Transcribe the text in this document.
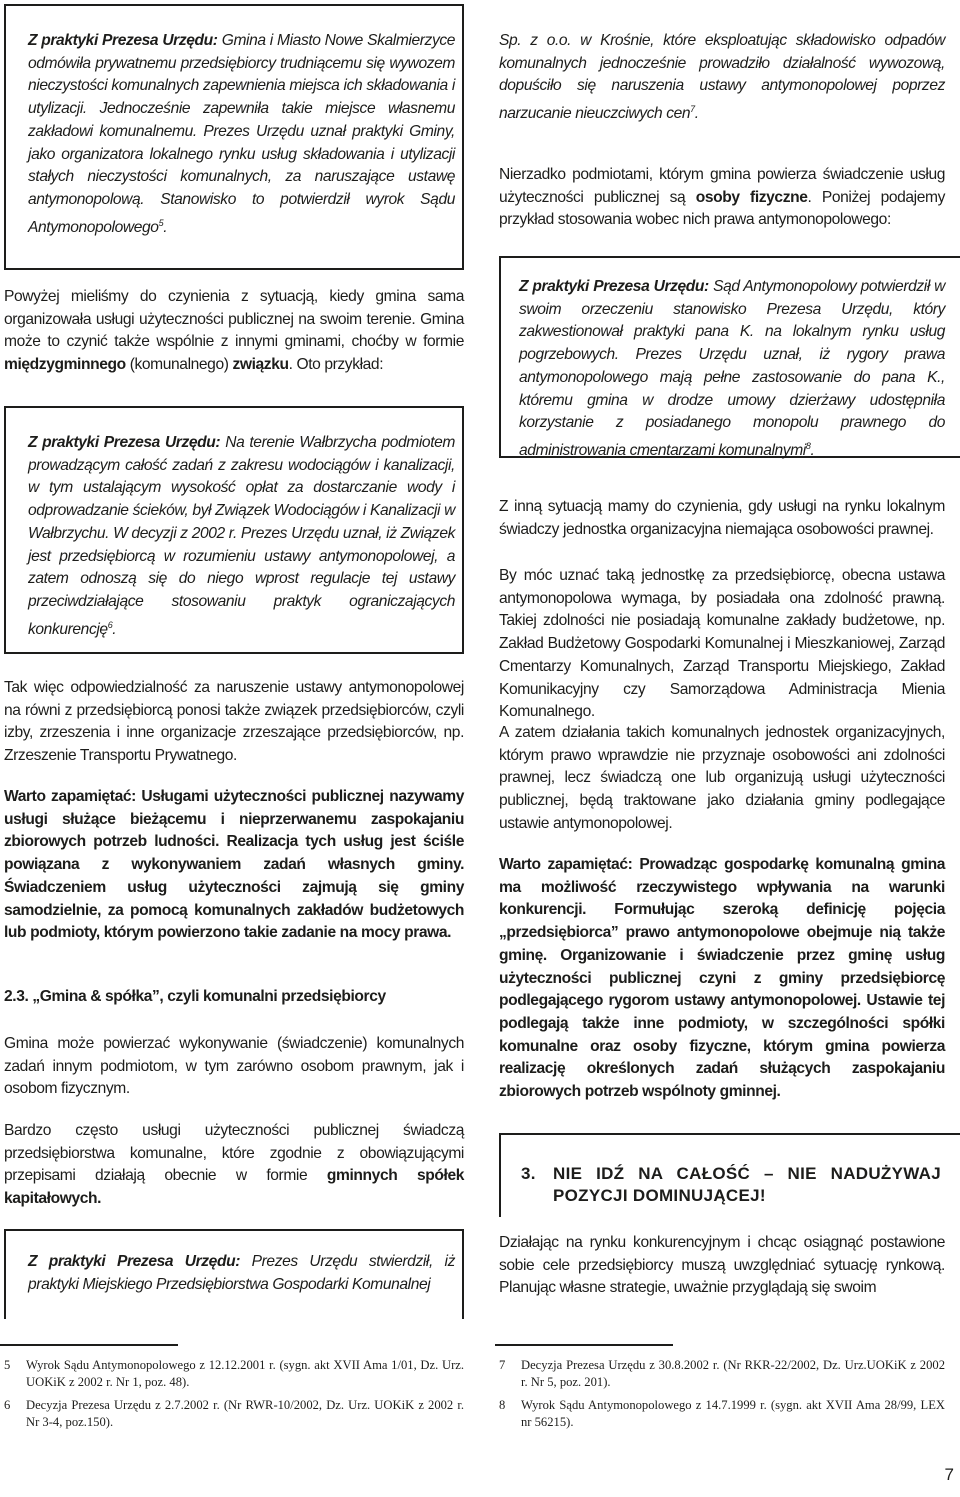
Z praktyki Prezesa Urzędu: Gmina i Miasto Nowe Skalmierzyce odmówiła prywatnemu przedsiębiorcy trudniącemu się wywozem nieczystości komunalnych zapewnienia miejsca ich składowania i utylizacji. Jednocześnie zapewniła takie miejsce własnemu zakładowi komunalnemu. Prezes Urzędu uznał praktyki Gminy, jako organizatora lokalnego rynku usług składowania i utylizacji stałych nieczystości komunalnych, za naruszające ustawę antymonopolową. Stanowisko to potwierdził wyrok Sądu Antymonopolowego$^5$.

Powyżej mieliśmy do czynienia z sytuacją, kiedy gmina sama organizowała usługi użyteczności publicznej na swoim terenie. Gmina może to czynić także wspólnie z innymi gminami, choćby w formie międzygminnego (komunalnego) związku. Oto przykład:

Z praktyki Prezesa Urzędu: Na terenie Wałbrzycha podmiotem prowadzącym całość zadań z zakresu wodociągów i kanalizacji, w tym ustalającym wysokość opłat za dostarczanie wody i odprowadzanie ścieków, był Związek Wodociągów i Kanalizacji w Wałbrzychu. W decyzji z 2002 r. Prezes Urzędu uznał, iż Związek jest przedsiębiorcą w rozumieniu ustawy antymonopolowej, a zatem odnoszą się do niego wprost regulacje tej ustawy przeciwdziałające stosowaniu praktyk ograniczających konkurencję$^6$.

Tak więc odpowiedzialność za naruszenie ustawy antymonopolowej na równi z przedsiębiorcą ponosi także związek przedsiębiorców, czyli izby, zrzeszenia i inne organizacje zrzeszające przedsiębiorców, np. Zrzeszenie Transportu Prywatnego.

Warto zapamiętać: Usługami użyteczności publicznej nazywamy usługi służące bieżącemu i nieprzerwanemu zaspokajaniu zbiorowych potrzeb ludności. Realizacja tych usług jest ściśle powiązana z wykonywaniem zadań własnych gminy. Świadczeniem usług użyteczności zajmują się gminy samodzielnie, za pomocą komunalnych zakładów budżetowych lub podmioty, którym powierzono takie zadanie na mocy prawa.

2.3. „Gmina & spółka”, czyli komunalni przedsiębiorcy

Gmina może powierzać wykonywanie (świadczenie) komunalnych zadań innym podmiotom, w tym zarówno osobom prawnym, jak i osobom fizycznym.

Bardzo często usługi użyteczności publicznej świadczą przedsiębiorstwa komunalne, które zgodnie z obowiązującymi przepisami działają obecnie w formie gminnych spółek kapitałowych.

Z praktyki Prezesa Urzędu: Prezes Urzędu stwierdził, iż praktyki Miejskiego Przedsiębiorstwa Gospodarki Komunalnej

5 Wyrok Sądu Antymonopolowego z 12.12.2001 r. (sygn. akt XVII Ama 1/01, Dz. Urz. UOKiK z 2002 r. Nr 1, poz. 48).
6 Decyzja Prezesa Urzędu z 2.7.2002 r. (Nr RWR-10/2002, Dz. Urz. UOKiK z 2002 r. Nr 3-4, poz.150).

Sp. z o.o. w Krośnie, które eksploatując składowisko odpadów komunalnych jednocześnie prowadziło działalność wywozową, dopuściło się naruszenia ustawy antymonopolowej poprzez narzucanie nieuczciwych cen$^7$.

Nierzadko podmiotami, którym gmina powierza świadczenie usług użyteczności publicznej są osoby fizyczne. Poniżej podajemy przykład stosowania wobec nich prawa antymonopolowego:

Z praktyki Prezesa Urzędu: Sąd Antymonopolowy potwierdził w swoim orzeczeniu stanowisko Prezesa Urzędu, który zakwestionował praktyki pana K. na lokalnym rynku usług pogrzebowych. Prezes Urzędu uznał, iż rygory prawa antymonopolowego mają pełne zastosowanie do pana K., któremu gmina w drodze umowy dzierżawy udostępniła korzystanie z posiadanego monopolu prawnego do administrowania cmentarzami komunalnymi$^8$.

Z inną sytuacją mamy do czynienia, gdy usługi na rynku lokalnym świadczy jednostka organizacyjna niemająca osobowości prawnej.

By móc uznać taką jednostkę za przedsiębiorcę, obecna ustawa antymonopolowa wymaga, by posiadała ona zdolność prawną. Takiej zdolności nie posiadają komunalne zakłady budżetowe, np. Zakład Budżetowy Gospodarki Komunalnej i Mieszkaniowej, Zarząd Cmentarzy Komunalnych, Zarząd Transportu Miejskiego, Zakład Komunikacyjny czy Samorządowa Administracja Mienia Komunalnego.

A zatem działania takich komunalnych jednostek organizacyjnych, którym prawo wprawdzie nie przyznaje osobowości ani zdolności prawnej, lecz świadczą one lub organizują usługi użyteczności publicznej, będą traktowane jako działania gminy podlegające ustawie antymonopolowej.

Warto zapamiętać: Prowadząc gospodarkę komunalną gmina ma możliwość rzeczywistego wpływania na warunki konkurencji. Formułując szeroką definicję pojęcia „przedsiębiorca” prawo antymonopolowe obejmuje nią także gminę. Organizowanie i świadczenie przez gminę usług użyteczności publicznej czyni z gminy przedsiębiorcę podlegającego rygorom ustawy antymonopolowej. Ustawie tej podlegają także inne podmioty, w szczególności spółki komunalne oraz osoby fizyczne, którym gmina powierza realizację określonych zadań służących zaspokajaniu zbiorowych potrzeb wspólnoty gminnej.

3.	NIE IDŹ NA CAŁOŚĆ – NIE NADUŻYWAJ POZYCJI DOMINUJĄCEJ!

Działając na rynku konkurencyjnym i chcąc osiągnąć postawione sobie cele przedsiębiorcy muszą uwzględniać sytuację rynkową. Planując własne strategie, uważnie przyglądają się swoim

7 Decyzja Prezesa Urzędu z 30.8.2002 r. (Nr RKR-22/2002, Dz. Urz.UOKiK z 2002 r. Nr 5, poz. 201).
8 Wyrok Sądu Antymonopolowego z 14.7.1999 r. (sygn. akt XVII Ama 28/99, LEX nr 56215).
7
